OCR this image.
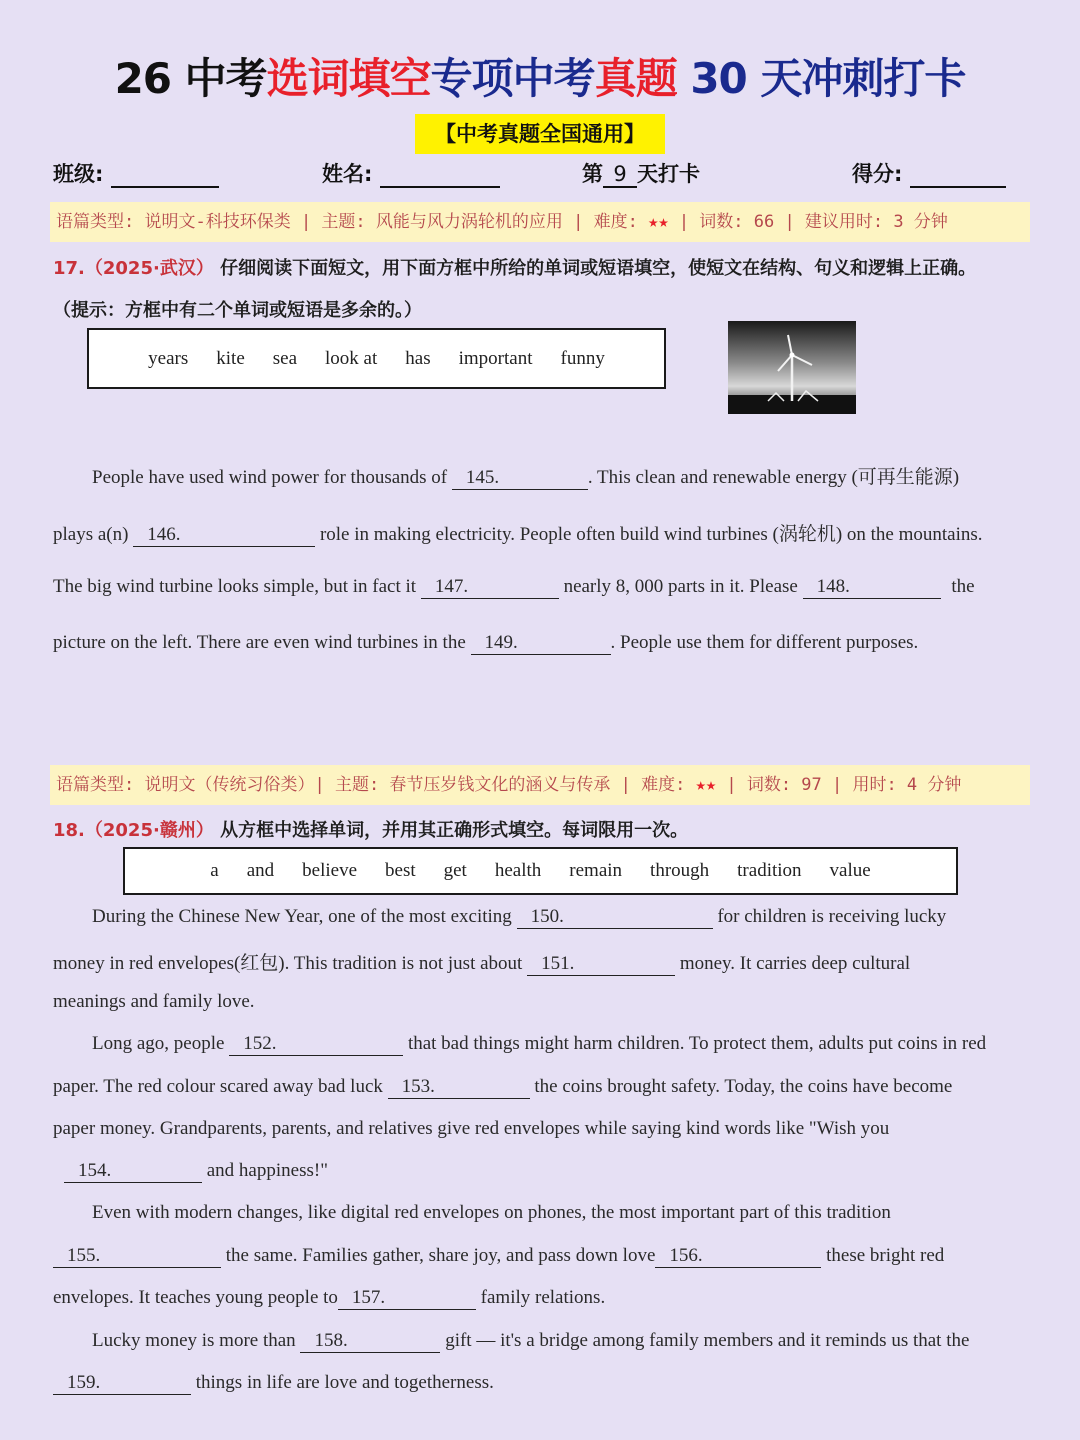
26 中考选词填空专项中考真题 30 天冲刺打卡
【中考真题全国通用】
班级:	姓名:	第 9 天打卡	得分:
语篇类型: 说明文-科技环保类 | 主题: 风能与风力涡轮机的应用 | 难度: ★★ | 词数: 66 | 建议用时: 3 分钟
17.（2025·武汉） 仔细阅读下面短文，用下面方框中所给的单词或短语填空，使短文在结构、句义和逻辑上正确。
（提示：方框中有二个单词或短语是多余的。）
years kite sea look at has important funny
People have used wind power for thousands of 145.	. This clean and renewable energy (可再生能源)
plays a(n) 146.	role in making electricity. People often build wind turbines (涡轮机) on the mountains.
The big wind turbine looks simple, but in fact it 147.	nearly 8, 000 parts in it. Please 148.	the
picture on the left. There are even wind turbines in the 149.	. People use them for different purposes.
语篇类型: 说明文（传统习俗类）| 主题: 春节压岁钱文化的涵义与传承 | 难度: ★★ | 词数: 97 | 用时: 4 分钟
18.（2025·赣州） 从方框中选择单词，并用其正确形式填空。每词限用一次。
a and believe best get health remain through tradition value
During the Chinese New Year, one of the most exciting 150.	for children is receiving lucky
money in red envelopes(红包). This tradition is not just about 151.	money. It carries deep cultural
meanings and family love.
Long ago, people 152.	that bad things might harm children. To protect them, adults put coins in red
paper. The red colour scared away bad luck 153.	the coins brought safety. Today, the coins have become
paper money. Grandparents, parents, and relatives give red envelopes while saying kind words like "Wish you
154.	and happiness!"
Even with modern changes, like digital red envelopes on phones, the most important part of this tradition
155.	the same. Families gather, share joy, and pass down love 156.	these bright red
envelopes. It teaches young people to 157.	family relations.
Lucky money is more than 158.	gift — it's a bridge among family members and it reminds us that the
159.	things in life are love and togetherness.
